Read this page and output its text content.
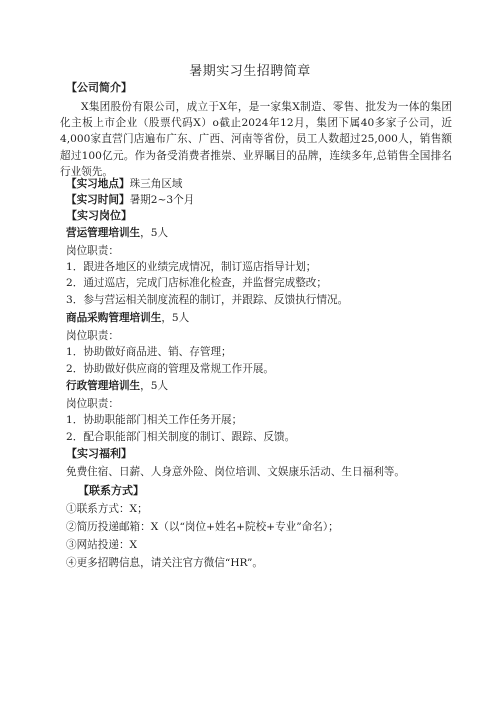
暑期实习生招聘简章
【公司简介】
X集团股份有限公司，成立于X年，是一家集X制造、零售、批发为一体的集团化主板上市企业（股票代码X）o截止2024年12月，集团下属40多家子公司，近4,000家直营门店遍布广东、广西、河南等省份，员工人数超过25,000人，销售额超过100亿元。作为备受消费者推崇、业界瞩目的品牌，连续多年,总销售全国排名行业领先。
【实习地点】珠三角区域
【实习时间】暑期2~3个月
【实习岗位】
营运管理培训生，5人
岗位职责：
1．跟进各地区的业绩完成情况，制订巡店指导计划；
2．通过巡店，完成门店标准化检查，并监督完成整改；
3．参与营运相关制度流程的制订，并跟踪、反馈执行情况。
商品采购管理培训生，5人
岗位职责：
1．协助做好商品进、销、存管理；
2．协助做好供应商的管理及常规工作开展。
行政管理培训生，5人
岗位职责：
1．协助职能部门相关工作任务开展；
2．配合职能部门相关制度的制订、跟踪、反馈。
【实习福利】
免费住宿、日薪、人身意外险、岗位培训、文娱康乐活动、生日福利等。
【联系方式】
①联系方式：X；
②简历投递邮箱：X（以“岗位+姓名+院校+专业”命名）；
③网站投递：X
④更多招聘信息，请关注官方微信“HR”。
